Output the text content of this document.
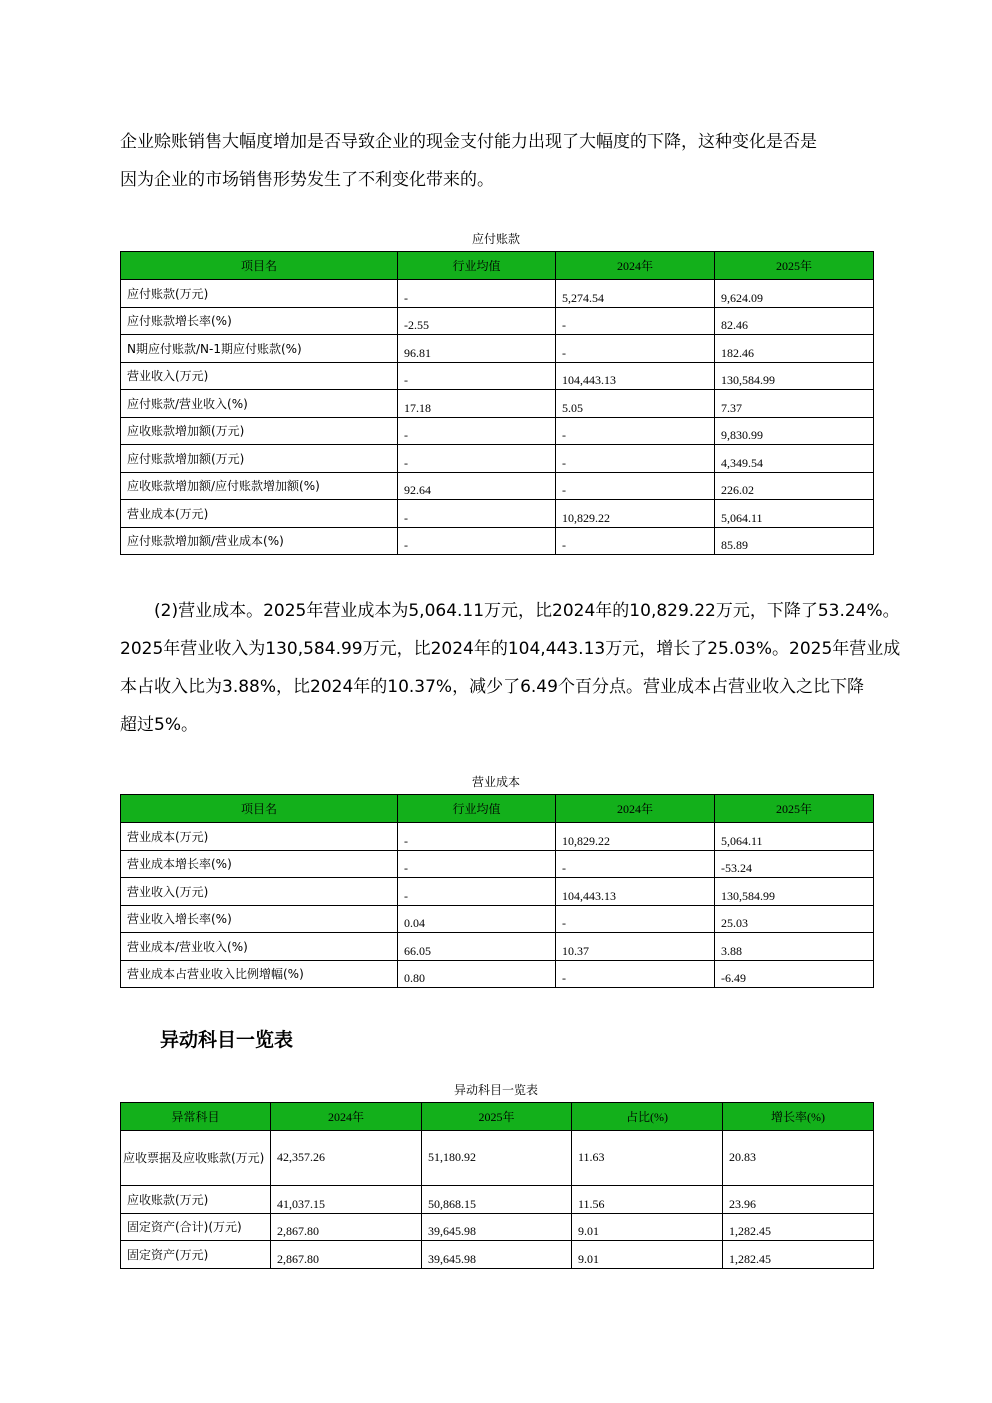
企业赊账销售大幅度增加是否导致企业的现金支付能力出现了大幅度的下降，这种变化是否是
因为企业的市场销售形势发生了不利变化带来的。

应付账款
项目名	行业均值	2024年	2025年
应付账款(万元)	-	5,274.54	9,624.09
应付账款增长率(%)	-2.55	-	82.46
N期应付账款/N-1期应付账款(%)	96.81	-	182.46
营业收入(万元)	-	104,443.13	130,584.99
应付账款/营业收入(%)	17.18	5.05	7.37
应收账款增加额(万元)	-	-	9,830.99
应付账款增加额(万元)	-	-	4,349.54
应收账款增加额/应付账款增加额(%)	92.64	-	226.02
营业成本(万元)	-	10,829.22	5,064.11
应付账款增加额/营业成本(%)	-	-	85.89

(2)营业成本。2025年营业成本为5,064.11万元，比2024年的10,829.22万元，下降了53.24%。
2025年营业收入为130,584.99万元，比2024年的104,443.13万元，增长了25.03%。2025年营业成
本占收入比为3.88%，比2024年的10.37%，减少了6.49个百分点。营业成本占营业收入之比下降
超过5%。

营业成本
项目名	行业均值	2024年	2025年
营业成本(万元)	-	10,829.22	5,064.11
营业成本增长率(%)	-	-	-53.24
营业收入(万元)	-	104,443.13	130,584.99
营业收入增长率(%)	0.04	-	25.03
营业成本/营业收入(%)	66.05	10.37	3.88
营业成本占营业收入比例增幅(%)	0.80	-	-6.49
异动科目一览表
异动科目一览表
异常科目	2024年	2025年	占比(%)	增长率(%)
应收票据及应收账款(万元)	42,357.26	51,180.92	11.63	20.83
应收账款(万元)	41,037.15	50,868.15	11.56	23.96
固定资产(合计)(万元)	2,867.80	39,645.98	9.01	1,282.45
固定资产(万元)	2,867.80	39,645.98	9.01	1,282.45
